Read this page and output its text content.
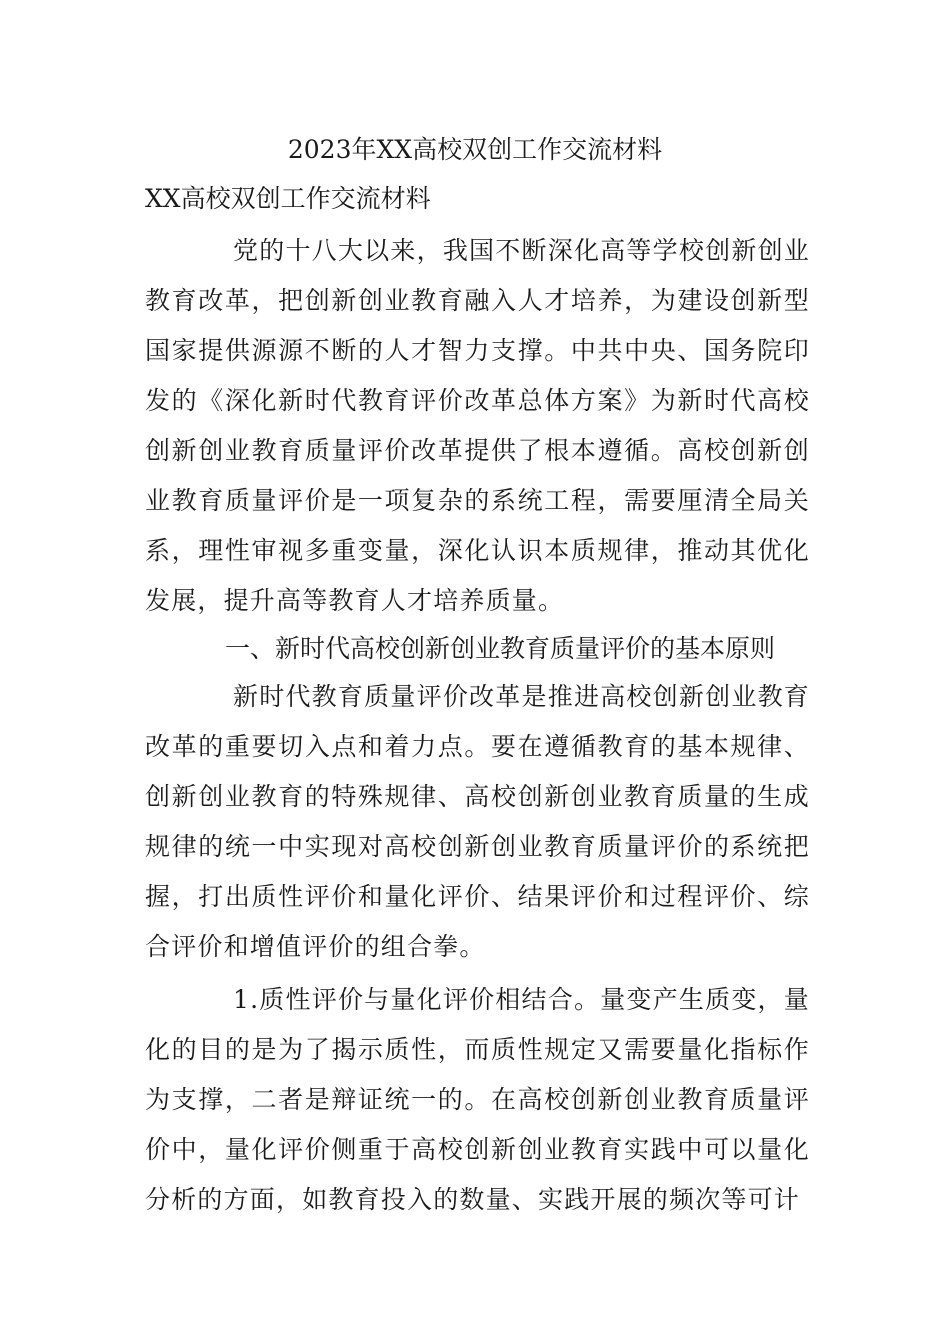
2023年XX高校双创工作交流材料

XX高校双创工作交流材料

党的十八大以来，我国不断深化高等学校创新创业教育改革，把创新创业教育融入人才培养，为建设创新型国家提供源源不断的人才智力支撑。中共中央、国务院印发的《深化新时代教育评价改革总体方案》为新时代高校创新创业教育质量评价改革提供了根本遵循。高校创新创业教育质量评价是一项复杂的系统工程，需要厘清全局关系，理性审视多重变量，深化认识本质规律，推动其优化发展，提升高等教育人才培养质量。

一、新时代高校创新创业教育质量评价的基本原则

新时代教育质量评价改革是推进高校创新创业教育改革的重要切入点和着力点。要在遵循教育的基本规律、创新创业教育的特殊规律、高校创新创业教育质量的生成规律的统一中实现对高校创新创业教育质量评价的系统把握，打出质性评价和量化评价、结果评价和过程评价、综合评价和增值评价的组合拳。

1.质性评价与量化评价相结合。量变产生质变，量化的目的是为了揭示质性，而质性规定又需要量化指标作为支撑，二者是辩证统一的。在高校创新创业教育质量评价中，量化评价侧重于高校创新创业教育实践中可以量化分析的方面，如教育投入的数量、实践开展的频次等可计
